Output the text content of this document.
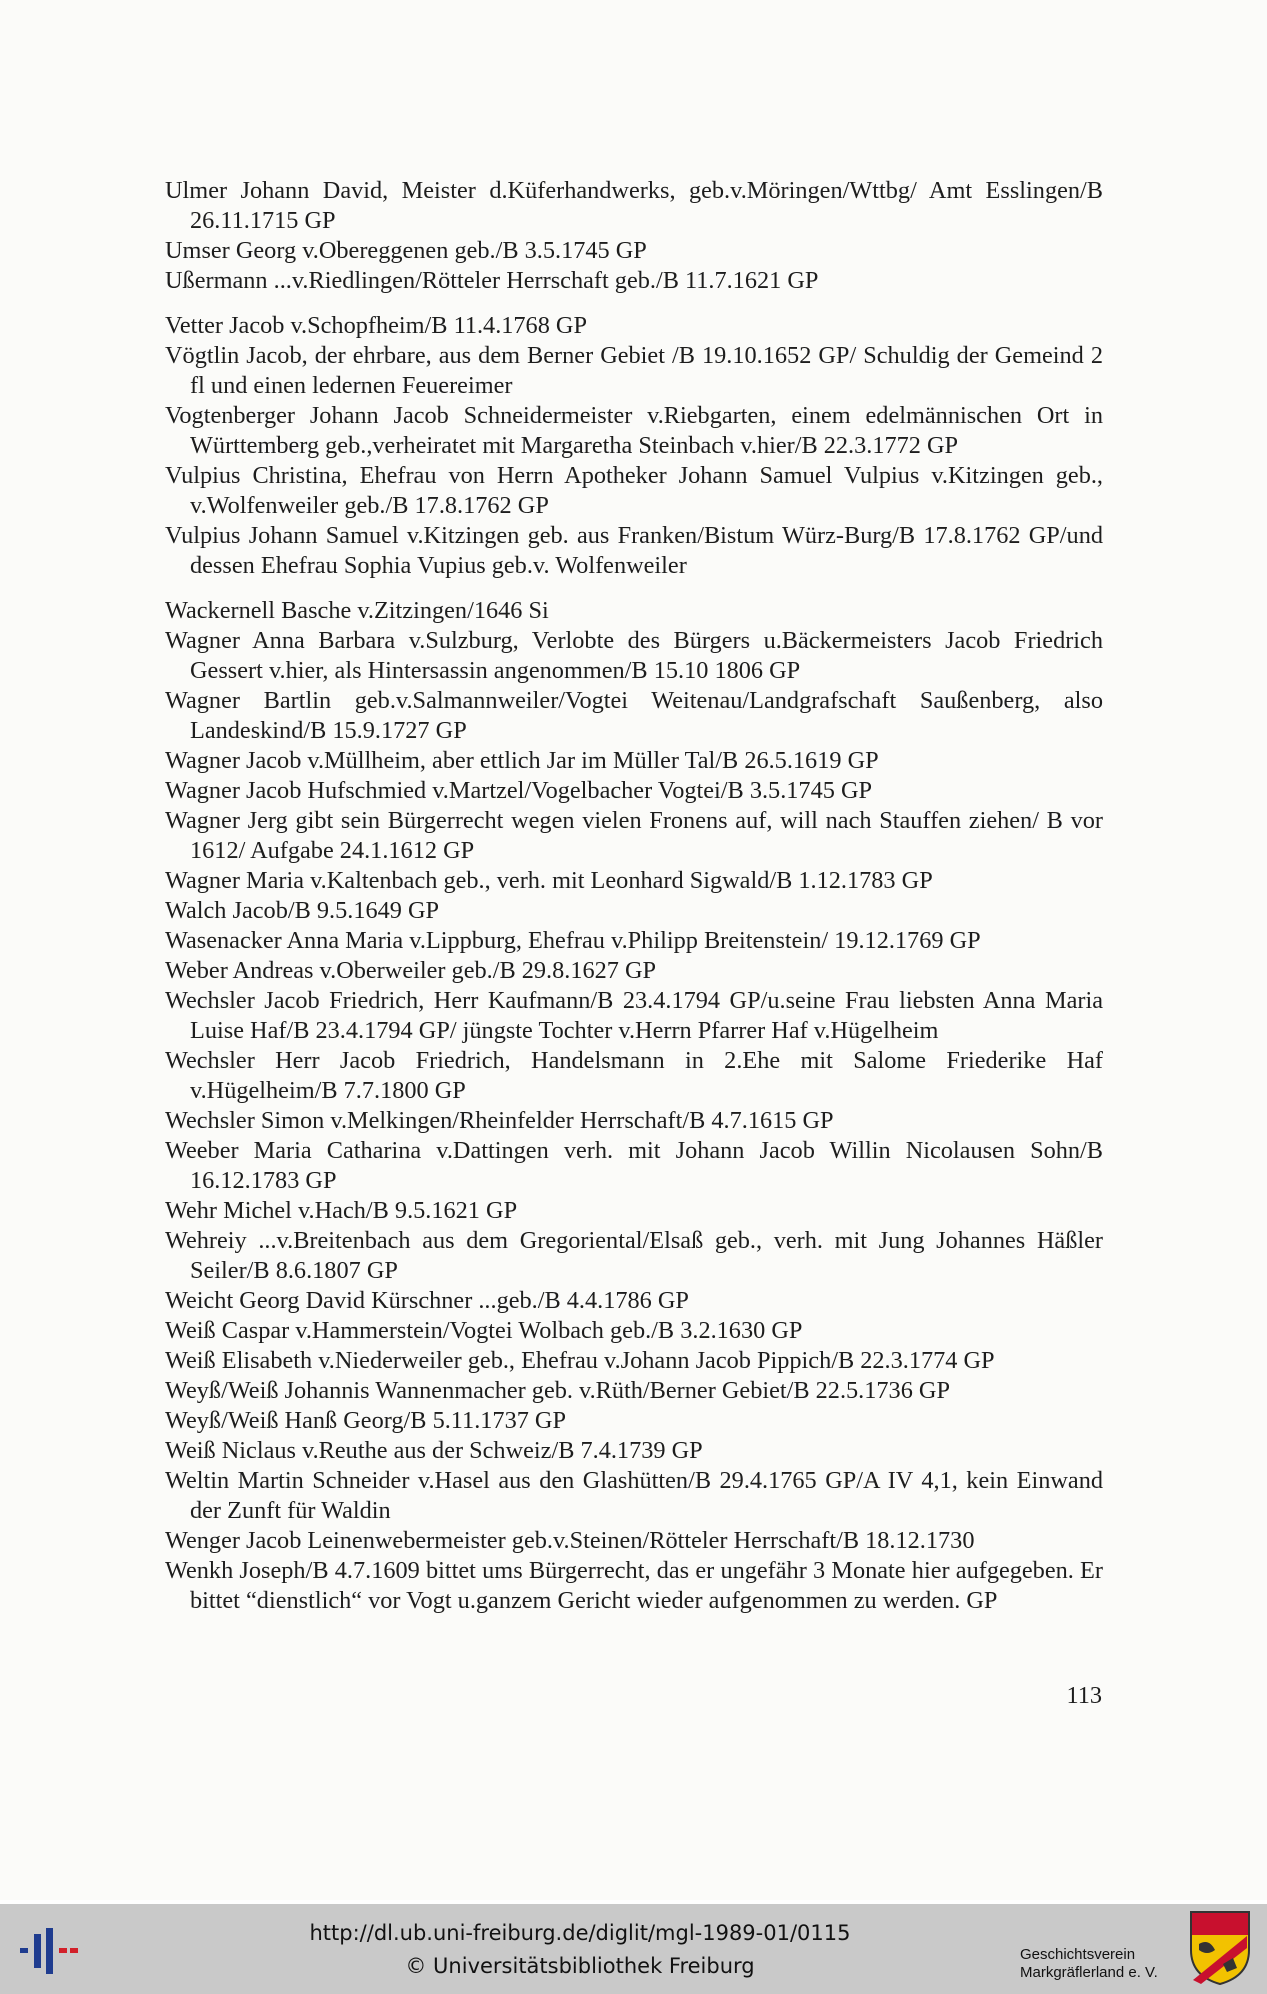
Ulmer Johann David, Meister d.Küferhandwerks, geb.v.Möringen/Wttbg/ Amt Esslingen/B 26.11.1715 GP

Umser Georg v.Obereggenen geb./B 3.5.1745 GP

Ußermann ...v.Riedlingen/Rötteler Herrschaft geb./B 11.7.1621 GP

Vetter Jacob v.Schopfheim/B 11.4.1768 GP

Vögtlin Jacob, der ehrbare, aus dem Berner Gebiet /B 19.10.1652 GP/ Schuldig der Gemeind 2 fl und einen ledernen Feuereimer

Vogtenberger Johann Jacob Schneidermeister v.Riebgarten, einem edelmännischen Ort in Württemberg geb.,verheiratet mit Margaretha Steinbach v.hier/B 22.3.1772 GP

Vulpius Christina, Ehefrau von Herrn Apotheker Johann Samuel Vulpius v.Kitzingen geb., v.Wolfenweiler geb./B 17.8.1762 GP

Vulpius Johann Samuel v.Kitzingen geb. aus Franken/Bistum Würz-Burg/B 17.8.1762 GP/und dessen Ehefrau Sophia Vupius geb.v. Wolfenweiler

Wackernell Basche v.Zitzingen/1646 Si

Wagner Anna Barbara v.Sulzburg, Verlobte des Bürgers u.Bäckermeisters Jacob Friedrich Gessert v.hier, als Hintersassin angenommen/B 15.10 1806 GP

Wagner Bartlin geb.v.Salmannweiler/Vogtei Weitenau/Landgrafschaft Saußenberg, also Landeskind/B 15.9.1727 GP

Wagner Jacob v.Müllheim, aber ettlich Jar im Müller Tal/B 26.5.1619 GP

Wagner Jacob Hufschmied v.Martzel/Vogelbacher Vogtei/B 3.5.1745 GP

Wagner Jerg gibt sein Bürgerrecht wegen vielen Fronens auf, will nach Stauffen ziehen/ B vor 1612/ Aufgabe 24.1.1612 GP

Wagner Maria v.Kaltenbach geb., verh. mit Leonhard Sigwald/B 1.12.1783 GP

Walch Jacob/B 9.5.1649 GP

Wasenacker Anna Maria v.Lippburg, Ehefrau v.Philipp Breitenstein/ 19.12.1769 GP

Weber Andreas v.Oberweiler geb./B 29.8.1627 GP

Wechsler Jacob Friedrich, Herr Kaufmann/B 23.4.1794 GP/u.seine Frau liebsten Anna Maria Luise Haf/B 23.4.1794 GP/ jüngste Tochter v.Herrn Pfarrer Haf v.Hügelheim

Wechsler Herr Jacob Friedrich, Handelsmann in 2.Ehe mit Salome Friederike Haf v.Hügelheim/B 7.7.1800 GP

Wechsler Simon v.Melkingen/Rheinfelder Herrschaft/B 4.7.1615 GP

Weeber Maria Catharina v.Dattingen verh. mit Johann Jacob Willin Nicolausen Sohn/B 16.12.1783 GP

Wehr Michel v.Hach/B 9.5.1621 GP

Wehreiy ...v.Breitenbach aus dem Gregoriental/Elsaß geb., verh. mit Jung Johannes Häßler Seiler/B 8.6.1807 GP

Weicht Georg David Kürschner ...geb./B 4.4.1786 GP

Weiß Caspar v.Hammerstein/Vogtei Wolbach geb./B 3.2.1630 GP

Weiß Elisabeth v.Niederweiler geb., Ehefrau v.Johann Jacob Pippich/B 22.3.1774 GP

Weyß/Weiß Johannis Wannenmacher geb. v.Rüth/Berner Gebiet/B 22.5.1736 GP

Weyß/Weiß Hanß Georg/B 5.11.1737 GP

Weiß Niclaus v.Reuthe aus der Schweiz/B 7.4.1739 GP

Weltin Martin Schneider v.Hasel aus den Glashütten/B 29.4.1765 GP/A IV 4,1, kein Einwand der Zunft für Waldin

Wenger Jacob Leinenwebermeister geb.v.Steinen/Rötteler Herrschaft/B 18.12.1730

Wenkh Joseph/B 4.7.1609 bittet ums Bürgerrecht, das er ungefähr 3 Monate hier aufgegeben. Er bittet “dienstlich“ vor Vogt u.ganzem Gericht wieder aufgenommen zu werden. GP

113
http://dl.ub.uni-freiburg.de/diglit/mgl-1989-01/0115
© Universitätsbibliothek Freiburg	Geschichtsverein
Markgräflerland e. V.
